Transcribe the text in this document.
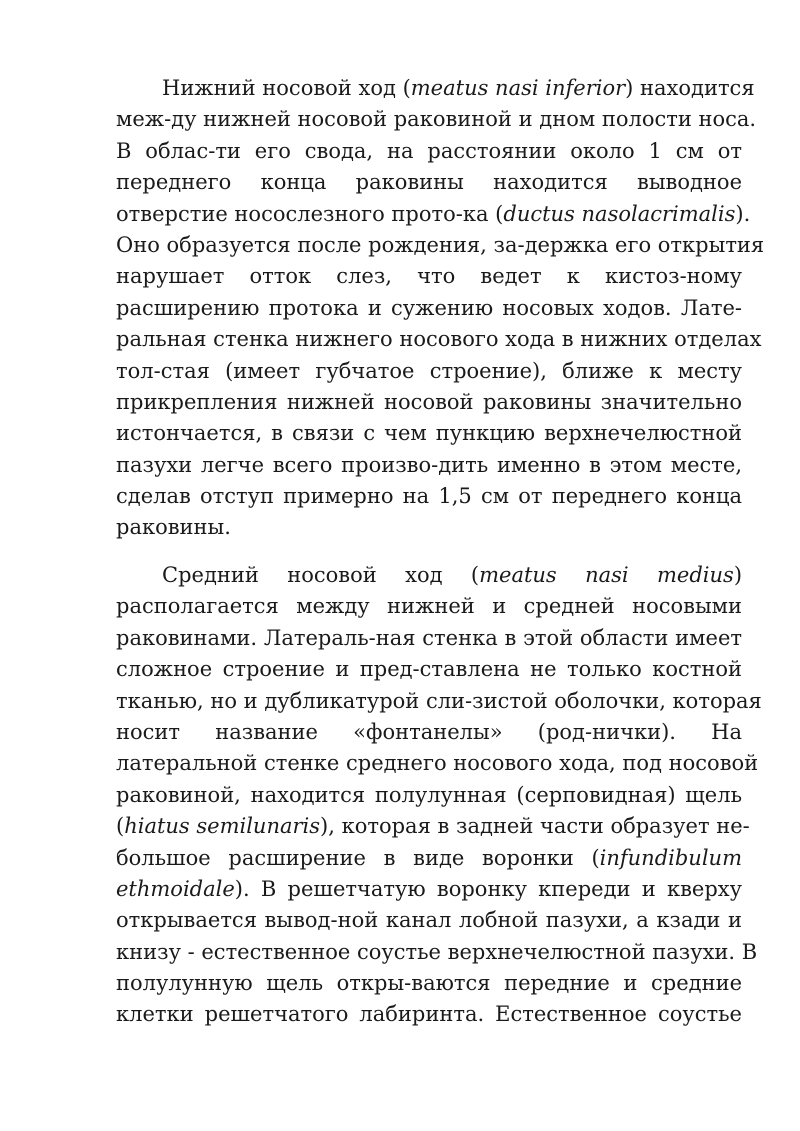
Нижний носовой ход (meatus nasi inferior) находится
меж-ду нижней носовой раковиной и дном полости носа.
В облас-ти его свода, на расстоянии около 1 см от
переднего конца раковины находится выводное
отверстие носослезного прото-ка (ductus nasolacrimalis).
Оно образуется после рождения, за-держка его открытия
нарушает отток слез, что ведет к кистоз-ному
расширению протока и сужению носовых ходов. Лате-
ральная стенка нижнего носового хода в нижних отделах
тол-стая (имеет губчатое строение), ближе к месту
прикрепления нижней носовой раковины значительно
истончается, в связи с чем пункцию верхнечелюстной
пазухи легче всего произво-дить именно в этом месте,
сделав отступ примерно на 1,5 см от переднего конца
раковины.
Средний носовой ход (meatus nasi medius)
располагается между нижней и средней носовыми
раковинами. Латераль-ная стенка в этой области имеет
сложное строение и пред-ставлена не только костной
тканью, но и дубликатурой сли-зистой оболочки, которая
носит название «фонтанелы» (род-нички). На
латеральной стенке среднего носового хода, под носовой
раковиной, находится полулунная (серповидная) щель
(hiatus semilunaris), которая в задней части образует не-
большое расширение в виде воронки (infundibulum
ethmoidale). В решетчатую воронку кпереди и кверху
открывается вывод-ной канал лобной пазухи, а кзади и
книзу - естественное соустье верхнечелюстной пазухи. В
полулунную щель откры-ваются передние и средние
клетки решетчатого лабиринта. Естественное соустье
